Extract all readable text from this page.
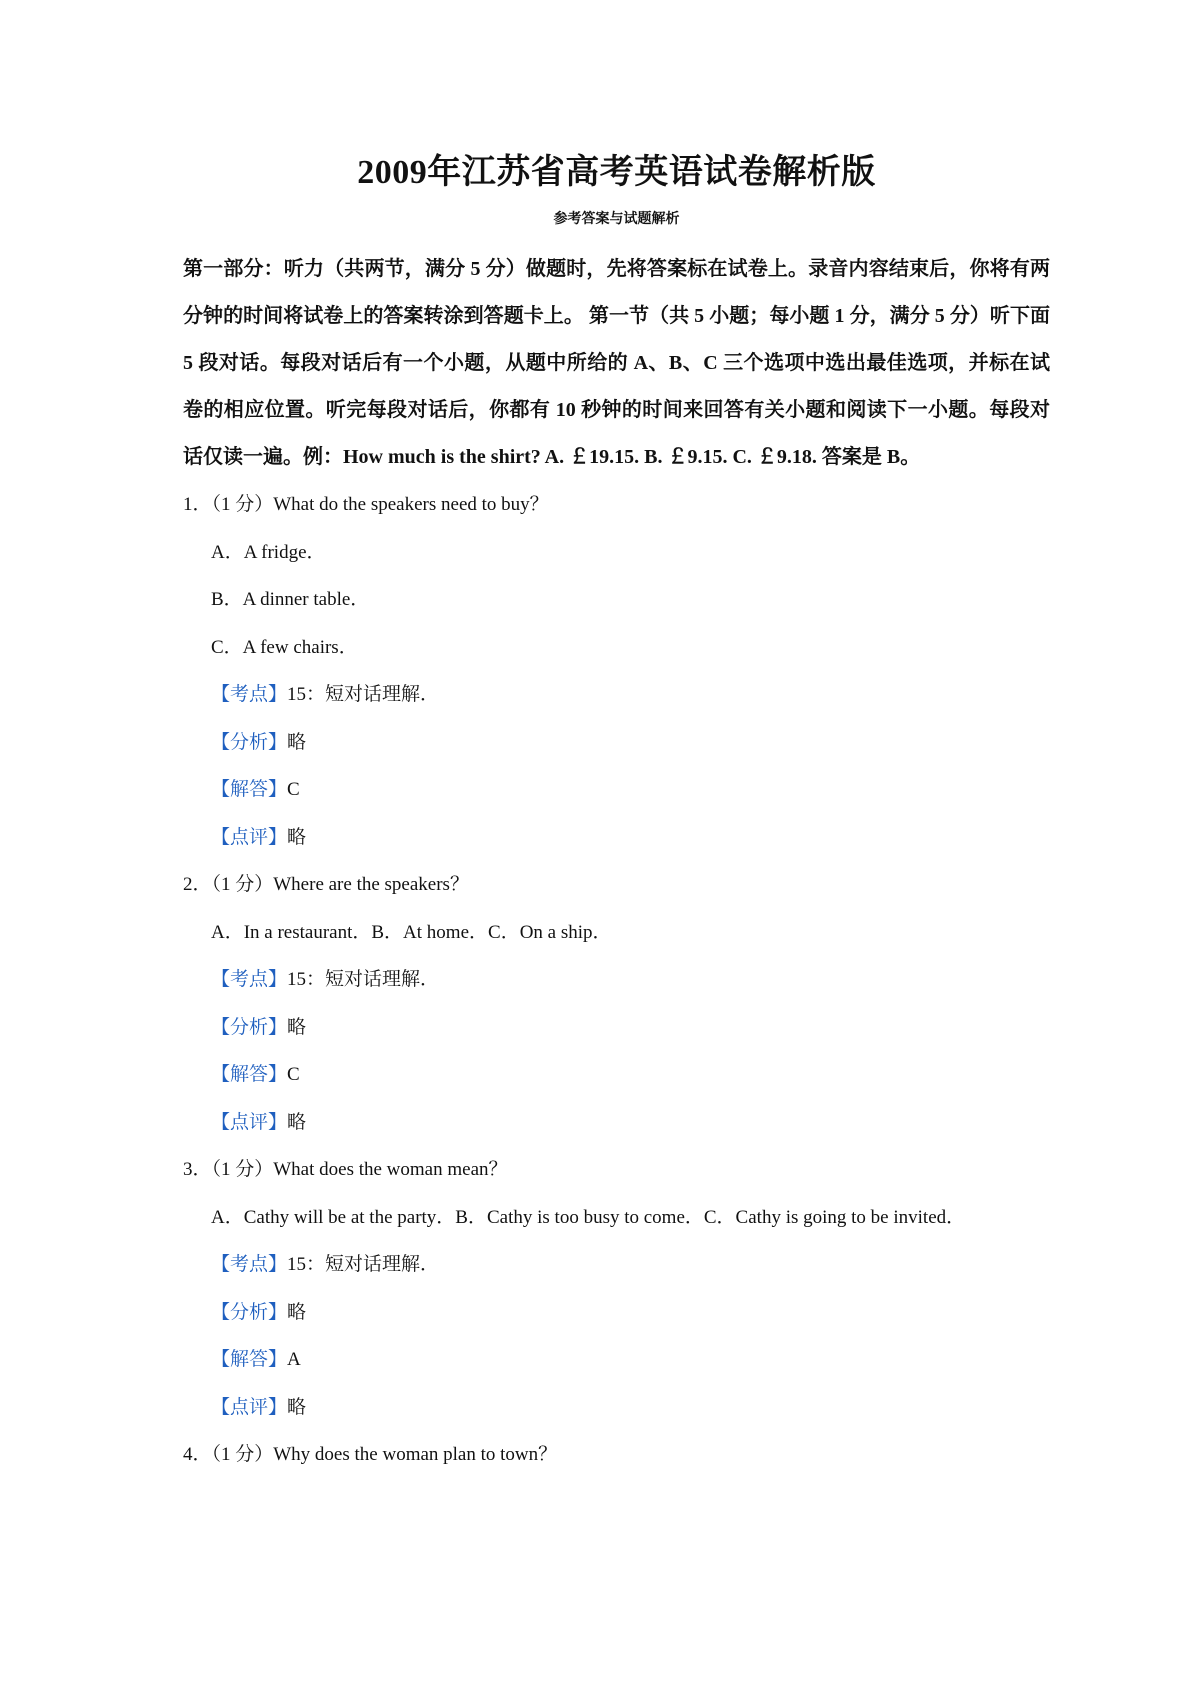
2009年江苏省高考英语试卷解析版
参考答案与试题解析

第一部分：听力（共两节，满分 5 分）做题时，先将答案标在试卷上。录音内容结束后，你将有两分钟的时间将试卷上的答案转涂到答题卡上。 第一节（共 5 小题；每小题 1 分，满分 5 分）听下面 5 段对话。每段对话后有一个小题，从题中所给的 A、B、C 三个选项中选出最佳选项，并标在试卷的相应位置。听完每段对话后，你都有 10 秒钟的时间来回答有关小题和阅读下一小题。每段对话仅读一遍。例：How much is the shirt? A. ￡19.15. B. ￡9.15. C. ￡9.18. 答案是 B。

1．（1 分）What do the speakers need to buy？

A．A fridge．

B．A dinner table．

C．A few chairs．

【考点】15：短对话理解．

【分析】略

【解答】C

【点评】略

2．（1 分）Where are the speakers？

A．In a restaurant．B．At home．C．On a ship．

【考点】15：短对话理解．

【分析】略

【解答】C

【点评】略

3．（1 分）What does the woman mean？

A．Cathy will be at the party．B．Cathy is too busy to come．C．Cathy is going to be invited．

【考点】15：短对话理解．

【分析】略

【解答】A

【点评】略

4．（1 分）Why does the woman plan to town？
